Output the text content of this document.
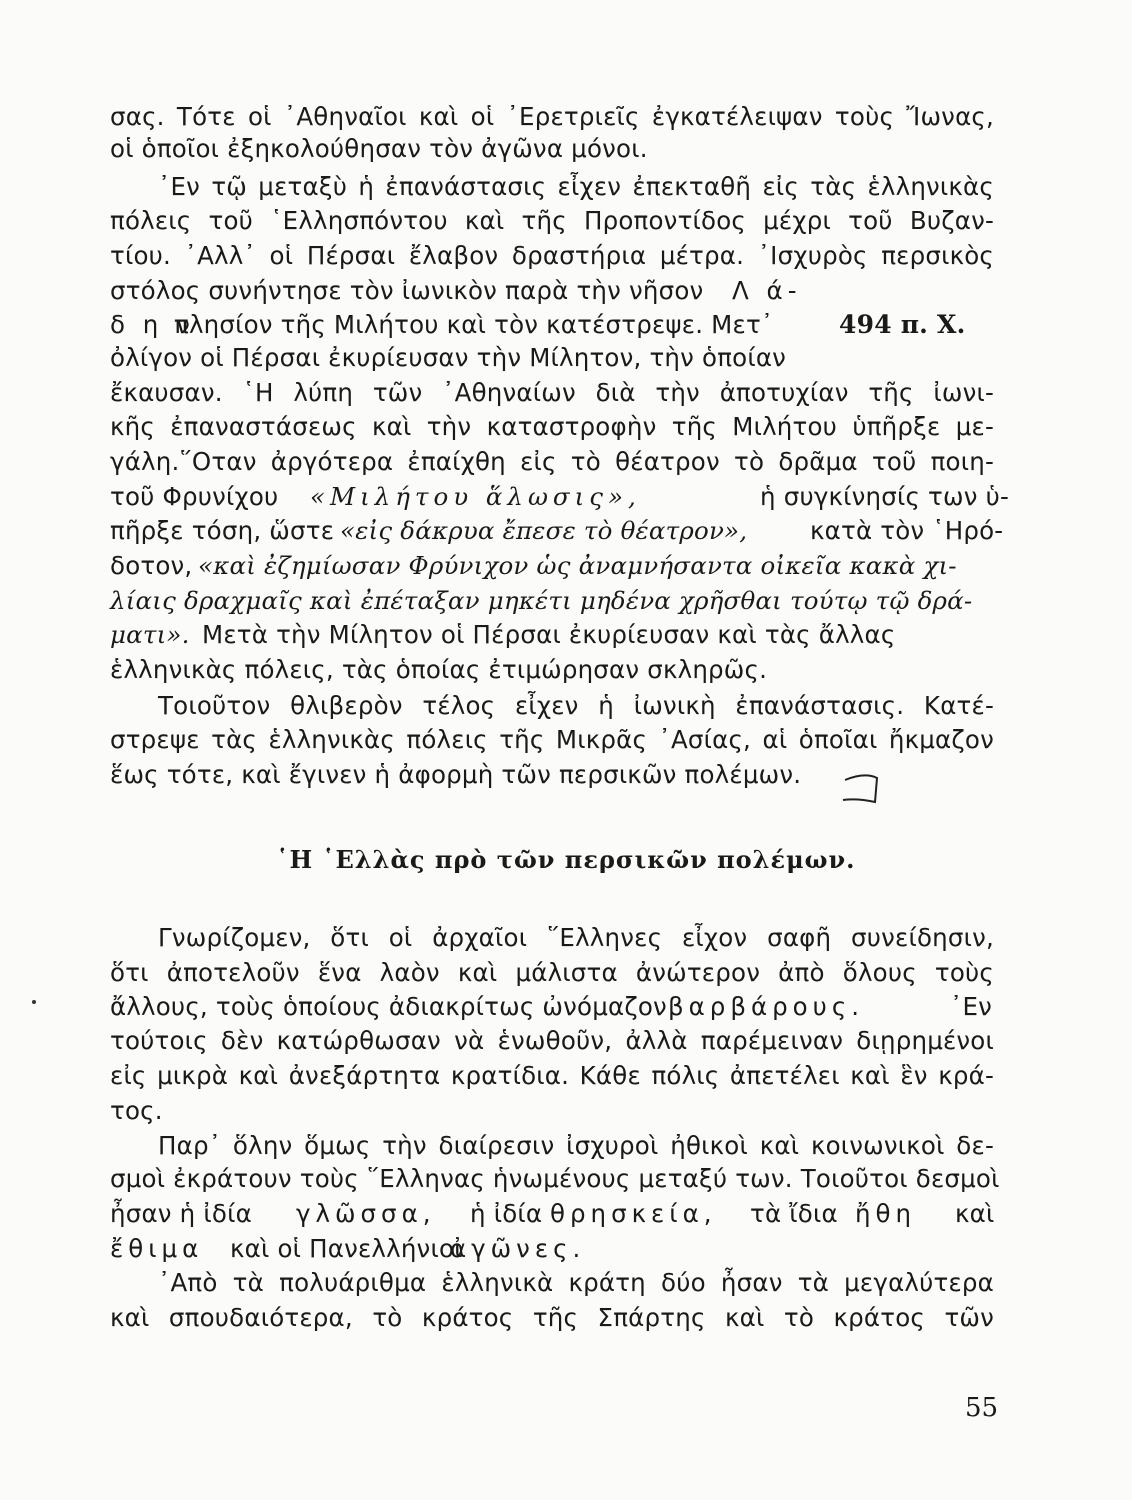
σας. Τότε οἱ ᾿Αθηναῖοι καὶ οἱ ᾿Ερετριεῖς ἐγκατέλειψαν τοὺς Ἴωνας,
οἱ ὁποῖοι ἐξηκολούθησαν τὸν ἀγῶνα μόνοι.
᾿Εν τῷ μεταξὺ ἡ ἐπανάστασις εἶχεν ἐπεκταθῆ εἰς τὰς ἑλληνικὰς
πόλεις τοῦ ῾Ελλησπόντου καὶ τῆς Προποντίδος μέχρι τοῦ Βυζαν-
τίου. ᾿Αλλ᾿ οἱ Πέρσαι ἔλαβον δραστήρια μέτρα. ᾿Ισχυρὸς περσικὸς
στόλος συνήντησε τὸν ἰωνικὸν παρὰ τὴν νῆσον Λ ά-
δ η ν
πλησίον τῆς Μιλήτου καὶ τὸν κατέστρεψε. Μετ᾿	494 π. Χ.
ὀλίγον οἱ Πέρσαι ἐκυρίευσαν τὴν Μίλητον, τὴν ὁποίαν
ἔκαυσαν. ῾Η λύπη τῶν ᾿Αθηναίων διὰ τὴν ἀποτυχίαν τῆς ἰωνι-
κῆς ἐπαναστάσεως καὶ τὴν καταστροφὴν τῆς Μιλήτου ὑπῆρξε με-
γάλη.῞Οταν ἀργότερα ἐπαίχθη εἰς τὸ θέατρον τὸ δρᾶμα τοῦ ποιη-
τοῦ Φρυνίχου «Μιλήτου ἅλωσις»,	ἡ συγκίνησίς των ὑ-
πῆρξε τόση, ὥστε «εἰς δάκρυα ἔπεσε τὸ θέατρον»,	κατὰ τὸν ῾Ηρό-
δοτον, «καὶ ἐζημίωσαν Φρύνιχον ὡς ἀναμνήσαντα οἰκεῖα κακὰ χι-
λίαις δραχμαῖς καὶ ἐπέταξαν μηκέτι μηδένα χρῆσθαι τούτῳ τῷ δρά-
ματι». Μετὰ τὴν Μίλητον οἱ Πέρσαι ἐκυρίευσαν καὶ τὰς ἄλλας
ἑλληνικὰς πόλεις, τὰς ὁποίας ἐτιμώρησαν σκληρῶς.
Τοιοῦτον θλιβερὸν τέλος εἶχεν ἡ ἰωνικὴ ἐπανάστασις. Κατέ-
στρεψε τὰς ἑλληνικὰς πόλεις τῆς Μικρᾶς ᾿Ασίας, αἱ ὁποῖαι ἤκμαζον
ἕως τότε, καὶ ἔγινεν ἡ ἀφορμὴ τῶν περσικῶν πολέμων.
῾Η ῾Ελλὰς πρὸ τῶν περσικῶν πολέμων.
Γνωρίζομεν, ὅτι οἱ ἀρχαῖοι ῞Ελληνες εἶχον σαφῆ συνείδησιν,
ὅτι ἀποτελοῦν ἕνα λαὸν καὶ μάλιστα ἀνώτερον ἀπὸ ὅλους τοὺς
ἄλλους, τοὺς ὁποίους ἀδιακρίτως ὠνόμαζον βαρβάρους.	᾿Εν
τούτοις δὲν κατώρθωσαν νὰ ἑνωθοῦν, ἀλλὰ παρέμειναν διῃρημένοι
εἰς μικρὰ καὶ ἀνεξάρτητα κρατίδια. Κάθε πόλις ἀπετέλει καὶ ἓν κρά-
τος.
Παρ᾿ ὅλην ὅμως τὴν διαίρεσιν ἰσχυροὶ ἠθικοὶ καὶ κοινωνικοὶ δε-
σμοὶ ἐκράτουν τοὺς ῞Ελληνας ἡνωμένους μεταξύ των. Τοιοῦτοι δεσμοὶ
ἦσαν ἡ ἰδία γλῶσσα, ἡ ἰδία θρησκεία, τὰ ἴδια ἤθη καὶ
ἔθιμα καὶ οἱ Πανελλήνιοι
ἀγῶνες.
᾿Απὸ τὰ πολυάριθμα ἑλληνικὰ κράτη δύο ἦσαν τὰ μεγαλύτερα
καὶ σπουδαιότερα, τὸ κράτος τῆς Σπάρτης καὶ τὸ κράτος τῶν
55
